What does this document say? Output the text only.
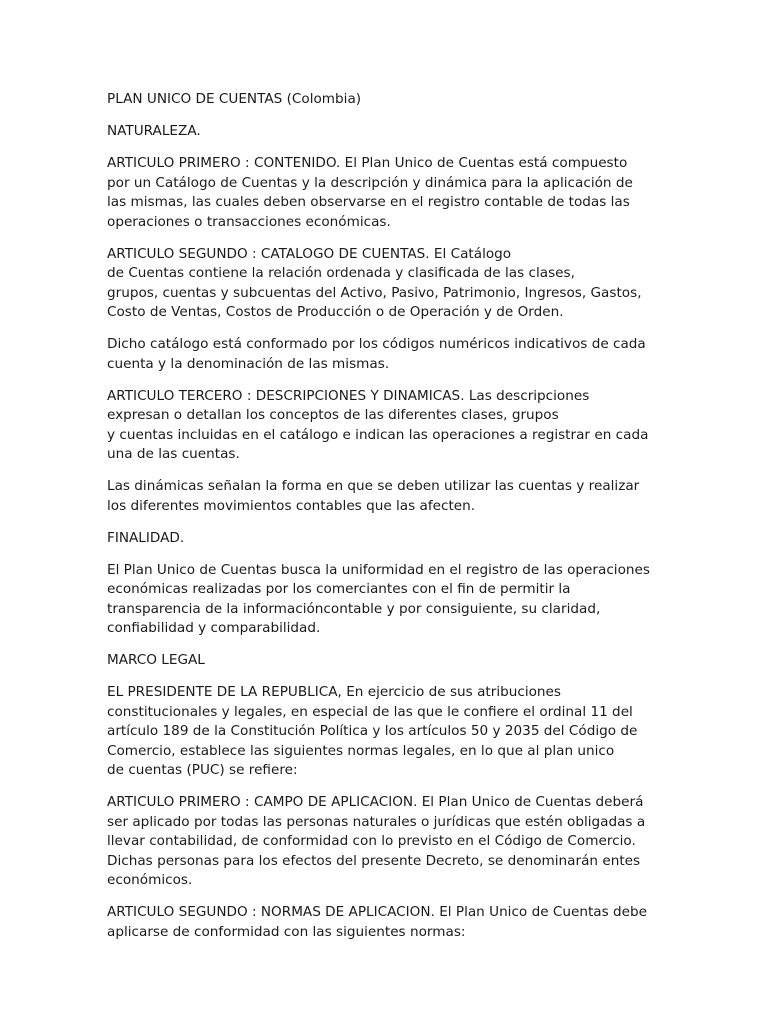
PLAN UNICO DE CUENTAS (Colombia)

NATURALEZA.

ARTICULO PRIMERO : CONTENIDO. El Plan Unico de Cuentas está compuesto
por un Catálogo de Cuentas y la descripción y dinámica para la aplicación de
las mismas, las cuales deben observarse en el registro contable de todas las
operaciones o transacciones económicas.

ARTICULO SEGUNDO : CATALOGO DE CUENTAS. El Catálogo
de Cuentas contiene la relación ordenada y clasificada de las clases,
grupos, cuentas y subcuentas del Activo, Pasivo, Patrimonio, Ingresos, Gastos,
Costo de Ventas, Costos de Producción o de Operación y de Orden.

Dicho catálogo está conformado por los códigos numéricos indicativos de cada
cuenta y la denominación de las mismas.

ARTICULO TERCERO : DESCRIPCIONES Y DINAMICAS. Las descripciones
expresan o detallan los conceptos de las diferentes clases, grupos
y cuentas incluidas en el catálogo e indican las operaciones a registrar en cada
una de las cuentas.

Las dinámicas señalan la forma en que se deben utilizar las cuentas y realizar
los diferentes movimientos contables que las afecten.

FINALIDAD.

El Plan Unico de Cuentas busca la uniformidad en el registro de las operaciones
económicas realizadas por los comerciantes con el fin de permitir la
transparencia de la informacióncontable y por consiguiente, su claridad,
confiabilidad y comparabilidad.

MARCO LEGAL

EL PRESIDENTE DE LA REPUBLICA, En ejercicio de sus atribuciones
constitucionales y legales, en especial de las que le confiere el ordinal 11 del
artículo 189 de la Constitución Política y los artículos 50 y 2035 del Código de
Comercio, establece las siguientes normas legales, en lo que al plan unico
de cuentas (PUC) se refiere:

ARTICULO PRIMERO : CAMPO DE APLICACION. El Plan Unico de Cuentas deberá
ser aplicado por todas las personas naturales o jurídicas que estén obligadas a
llevar contabilidad, de conformidad con lo previsto en el Código de Comercio.
Dichas personas para los efectos del presente Decreto, se denominarán entes
económicos.

ARTICULO SEGUNDO : NORMAS DE APLICACION. El Plan Unico de Cuentas debe
aplicarse de conformidad con las siguientes normas:
